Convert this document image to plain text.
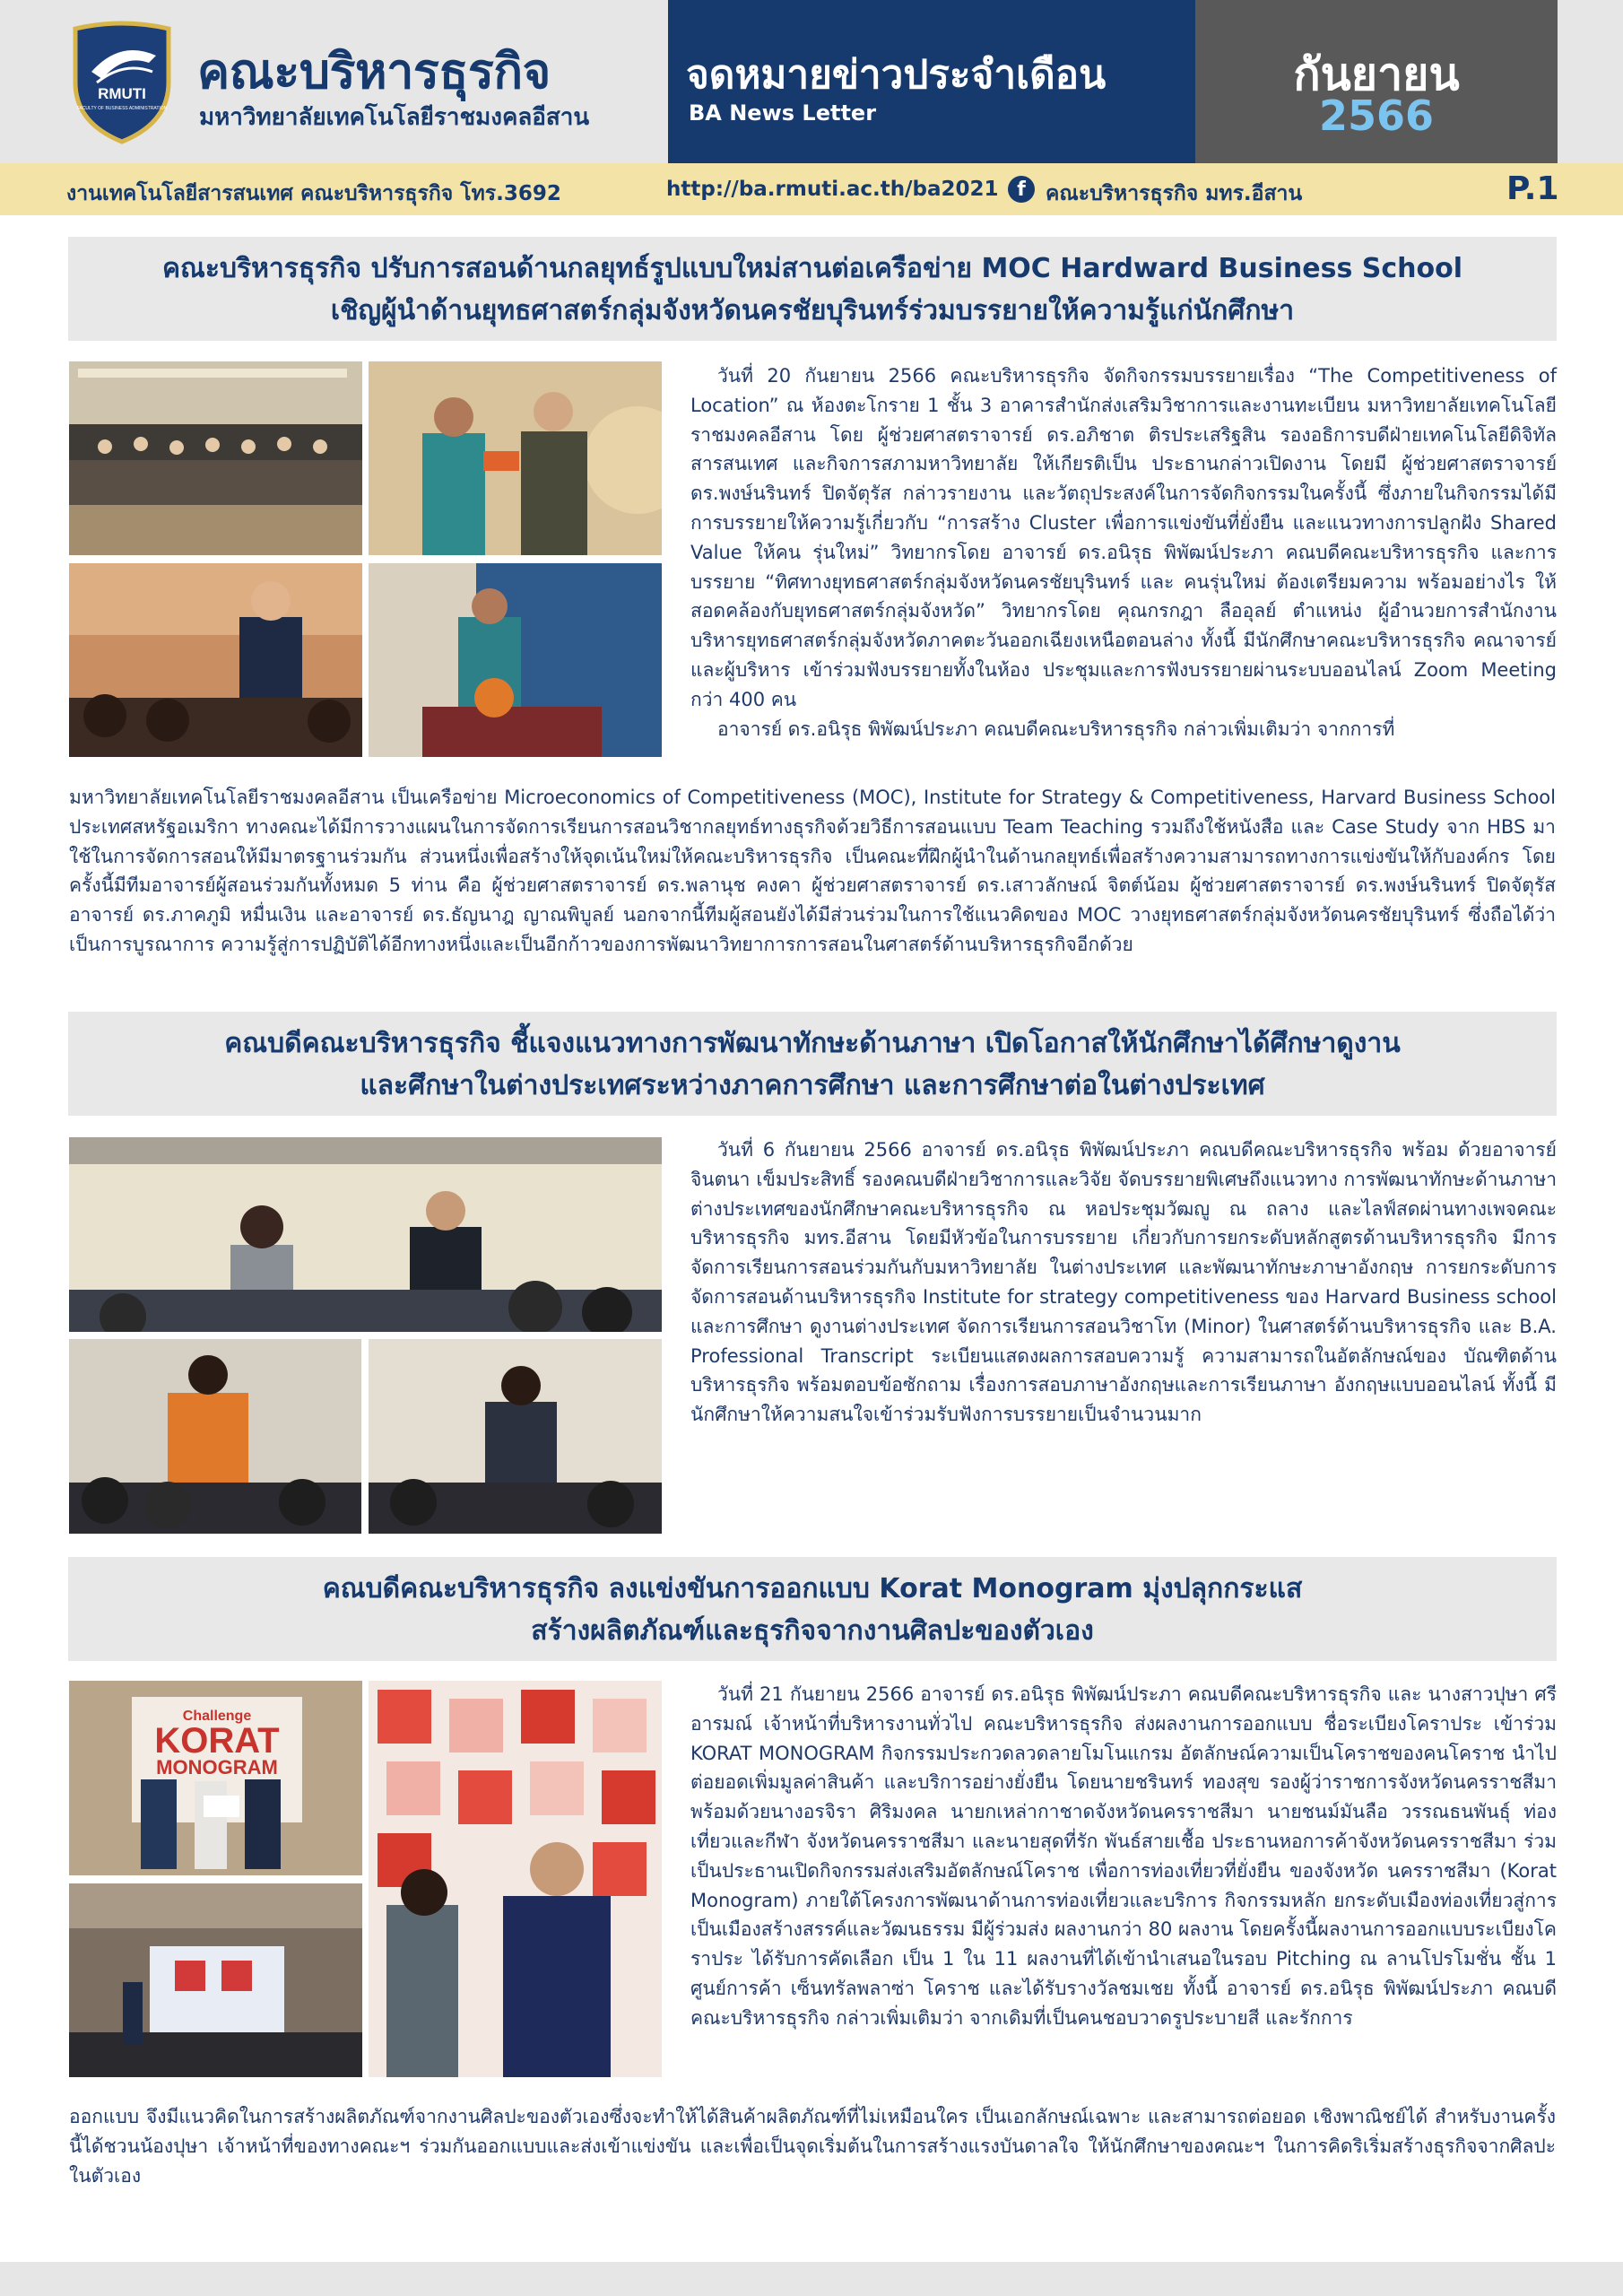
RMUTI
FACULTY OF BUSINESS ADMINISTRATION
คณะบริหารธุรกิจ
มหาวิทยาลัยเทคโนโลยีราชมงคลอีสาน
จดหมายข่าวประจำเดือน
BA News Letter
กันยายน
2566
งานเทคโนโลยีสารสนเทศ คณะบริหารธุรกิจ โทร.3692	http://ba.rmuti.ac.th/ba2021 f คณะบริหารธุรกิจ มทร.อีสาน	P.1
คณะบริหารธุรกิจ ปรับการสอนด้านกลยุทธ์รูปแบบใหม่สานต่อเครือข่าย MOC Hardward Business School
เชิญผู้นำด้านยุทธศาสตร์กลุ่มจังหวัดนครชัยบุรินทร์ร่วมบรรยายให้ความรู้แก่นักศึกษา

วันที่ 20 กันยายน 2566 คณะบริหารธุรกิจ จัดกิจกรรมบรรยายเรื่อง “The Competitiveness of Location” ณ ห้องตะโกราย 1 ชั้น 3 อาคารสำนักส่งเสริมวิชาการและงานทะเบียน มหาวิทยาลัยเทคโนโลยีราชมงคลอีสาน โดย ผู้ช่วยศาสตราจารย์ ดร.อภิชาต ติรประเสริฐสิน รองอธิการบดีฝ่ายเทคโนโลยีดิจิทัลสารสนเทศ และกิจการสภามหาวิทยาลัย ให้เกียรติเป็น ประธานกล่าวเปิดงาน โดยมี ผู้ช่วยศาสตราจารย์ ดร.พงษ์นรินทร์ ปิดจัตุรัส กล่าวรายงาน และวัตถุประสงค์ในการจัดกิจกรรมในครั้งนี้ ซึ่งภายในกิจกรรมได้มีการบรรยายให้ความรู้เกี่ยวกับ “การสร้าง Cluster เพื่อการแข่งขันที่ยั่งยืน และแนวทางการปลูกฝัง Shared Value ให้คน รุ่นใหม่” วิทยากรโดย อาจารย์ ดร.อนิรุธ พิพัฒน์ประภา คณบดีคณะบริหารธุรกิจ และการ บรรยาย “ทิศทางยุทธศาสตร์กลุ่มจังหวัดนครชัยบุรินทร์ และ คนรุ่นใหม่ ต้องเตรียมความ พร้อมอย่างไร ให้สอดคล้องกับยุทธศาสตร์กลุ่มจังหวัด” วิทยากรโดย คุณกรกฎา ลืออุลย์ ตำแหน่ง ผู้อำนวยการสำนักงานบริหารยุทธศาสตร์กลุ่มจังหวัดภาคตะวันออกเฉียงเหนือตอนล่าง ทั้งนี้ มีนักศึกษาคณะบริหารธุรกิจ คณาจารย์ และผู้บริหาร เข้าร่วมฟังบรรยายทั้งในห้อง ประชุมและการฟังบรรยายผ่านระบบออนไลน์ Zoom Meeting กว่า 400 คน

อาจารย์ ดร.อนิรุธ พิพัฒน์ประภา คณบดีคณะบริหารธุรกิจ กล่าวเพิ่มเติมว่า จากการที่

มหาวิทยาลัยเทคโนโลยีราชมงคลอีสาน เป็นเครือข่าย Microeconomics of Competitiveness (MOC), Institute for Strategy & Competitiveness, Harvard Business School ประเทศสหรัฐอเมริกา ทางคณะได้มีการวางแผนในการจัดการเรียนการสอนวิชากลยุทธ์ทางธุรกิจด้วยวิธีการสอนแบบ Team Teaching รวมถึงใช้หนังสือ และ Case Study จาก HBS มาใช้ในการจัดการสอนให้มีมาตรฐานร่วมกัน ส่วนหนึ่งเพื่อสร้างให้จุดเน้นใหม่ให้คณะบริหารธุรกิจ เป็นคณะที่ฝึกผู้นำในด้านกลยุทธ์เพื่อสร้างความสามารถทางการแข่งขันให้กับองค์กร โดยครั้งนี้มีทีมอาจารย์ผู้สอนร่วมกันทั้งหมด 5 ท่าน คือ ผู้ช่วยศาสตราจารย์ ดร.พลานุช คงคา ผู้ช่วยศาสตราจารย์ ดร.เสาวลักษณ์ จิตต์น้อม ผู้ช่วยศาสตราจารย์ ดร.พงษ์นรินทร์ ปิดจัตุรัส อาจารย์ ดร.ภาคภูมิ หมื่นเงิน และอาจารย์ ดร.ธัญนาฎ ญาณพิบูลย์ นอกจากนี้ทีมผู้สอนยังได้มีส่วนร่วมในการใช้แนวคิดของ MOC วางยุทธศาสตร์กลุ่มจังหวัดนครชัยบุรินทร์ ซึ่งถือได้ว่าเป็นการบูรณาการ ความรู้สู่การปฏิบัติได้อีกทางหนึ่งและเป็นอีกก้าวของการพัฒนาวิทยาการการสอนในศาสตร์ด้านบริหารธุรกิจอีกด้วย
คณบดีคณะบริหารธุรกิจ ชี้แจงแนวทางการพัฒนาทักษะด้านภาษา เปิดโอกาสให้นักศึกษาได้ศึกษาดูงาน
และศึกษาในต่างประเทศระหว่างภาคการศึกษา และการศึกษาต่อในต่างประเทศ

วันที่ 6 กันยายน 2566 อาจารย์ ดร.อนิรุธ พิพัฒน์ประภา คณบดีคณะบริหารธุรกิจ พร้อม ด้วยอาจารย์จินตนา เข็มประสิทธิ์ รองคณบดีฝ่ายวิชาการและวิจัย จัดบรรยายพิเศษถึงแนวทาง การพัฒนาทักษะด้านภาษาต่างประเทศของนักศึกษาคณะบริหารธุรกิจ ณ หอประชุมวัฒญู ณ ถลาง และไลฟ์สดผ่านทางเพจคณะบริหารธุรกิจ มทร.อีสาน โดยมีหัวข้อในการบรรยาย เกี่ยวกับการยกระดับหลักสูตรด้านบริหารธุรกิจ มีการจัดการเรียนการสอนร่วมกันกับมหาวิทยาลัย ในต่างประเทศ และพัฒนาทักษะภาษาอังกฤษ การยกระดับการจัดการสอนด้านบริหารธุรกิจ Institute for strategy competitiveness ของ Harvard Business school และการศึกษา ดูงานต่างประเทศ จัดการเรียนการสอนวิชาโท (Minor) ในศาสตร์ด้านบริหารธุรกิจ และ B.A. Professional Transcript ระเบียนแสดงผลการสอบความรู้ ความสามารถในอัตลักษณ์ของ บัณฑิตด้านบริหารธุรกิจ พร้อมตอบข้อซักถาม เรื่องการสอบภาษาอังกฤษและการเรียนภาษา อังกฤษแบบออนไลน์ ทั้งนี้ มีนักศึกษาให้ความสนใจเข้าร่วมรับฟังการบรรยายเป็นจำนวนมาก

คณบดีคณะบริหารธุรกิจ ลงแข่งขันการออกแบบ Korat Monogram มุ่งปลุกกระแส
สร้างผลิตภัณฑ์และธุรกิจจากงานศิลปะของตัวเอง
Challenge
KORAT
MONOGRAM

วันที่ 21 กันยายน 2566 อาจารย์ ดร.อนิรุธ พิพัฒน์ประภา คณบดีคณะบริหารธุรกิจ และ นางสาวปุษา ศรีอารมณ์ เจ้าหน้าที่บริหารงานทั่วไป คณะบริหารธุรกิจ ส่งผลงานการออกแบบ ชื่อระเบียงโคราประ เข้าร่วม KORAT MONOGRAM กิจกรรมประกวดลวดลายโมโนแกรม อัตลักษณ์ความเป็นโคราชของคนโคราช นำไปต่อยอดเพิ่มมูลค่าสินค้า และบริการอย่างยั่งยืน โดยนายชรินทร์ ทองสุข รองผู้ว่าราชการจังหวัดนครราชสีมา พร้อมด้วยนางอรจิรา ศิริมงคล นายกเหล่ากาชาดจังหวัดนครราชสีมา นายชนม์มันลือ วรรณธนพันธุ์ ท่องเที่ยวและกีฬา จังหวัดนครราชสีมา และนายสุดที่รัก พันธ์สายเชื้อ ประธานหอการค้าจังหวัดนครราชสีมา ร่วมเป็นประธานเปิดกิจกรรมส่งเสริมอัตลักษณ์โคราช เพื่อการท่องเที่ยวที่ยั่งยืน ของจังหวัด นครราชสีมา (Korat Monogram) ภายใต้โครงการพัฒนาด้านการท่องเที่ยวและบริการ กิจกรรมหลัก ยกระดับเมืองท่องเที่ยวสู่การเป็นเมืองสร้างสรรค์และวัฒนธรรม มีผู้ร่วมส่ง ผลงานกว่า 80 ผลงาน โดยครั้งนี้ผลงานการออกแบบระเบียงโคราประ ได้รับการคัดเลือก เป็น 1 ใน 11 ผลงานที่ได้เข้านำเสนอในรอบ Pitching ณ ลานโปรโมชั่น ชั้น 1 ศูนย์การค้า เซ็นทรัลพลาซ่า โคราช และได้รับรางวัลชมเชย ทั้งนี้ อาจารย์ ดร.อนิรุธ พิพัฒน์ประภา คณบดีคณะบริหารธุรกิจ กล่าวเพิ่มเติมว่า จากเดิมที่เป็นคนชอบวาดรูประบายสี และรักการ

ออกแบบ จึงมีแนวคิดในการสร้างผลิตภัณฑ์จากงานศิลปะของตัวเองซึ่งจะทำให้ได้สินค้าผลิตภัณฑ์ที่ไม่เหมือนใคร เป็นเอกลักษณ์เฉพาะ และสามารถต่อยอด เชิงพาณิชย์ได้ สำหรับงานครั้งนี้ได้ชวนน้องปุษา เจ้าหน้าที่ของทางคณะฯ ร่วมกันออกแบบและส่งเข้าแข่งขัน และเพื่อเป็นจุดเริ่มต้นในการสร้างแรงบันดาลใจ ให้นักศึกษาของคณะฯ ในการคิดริเริ่มสร้างธุรกิจจากศิลปะในตัวเอง
